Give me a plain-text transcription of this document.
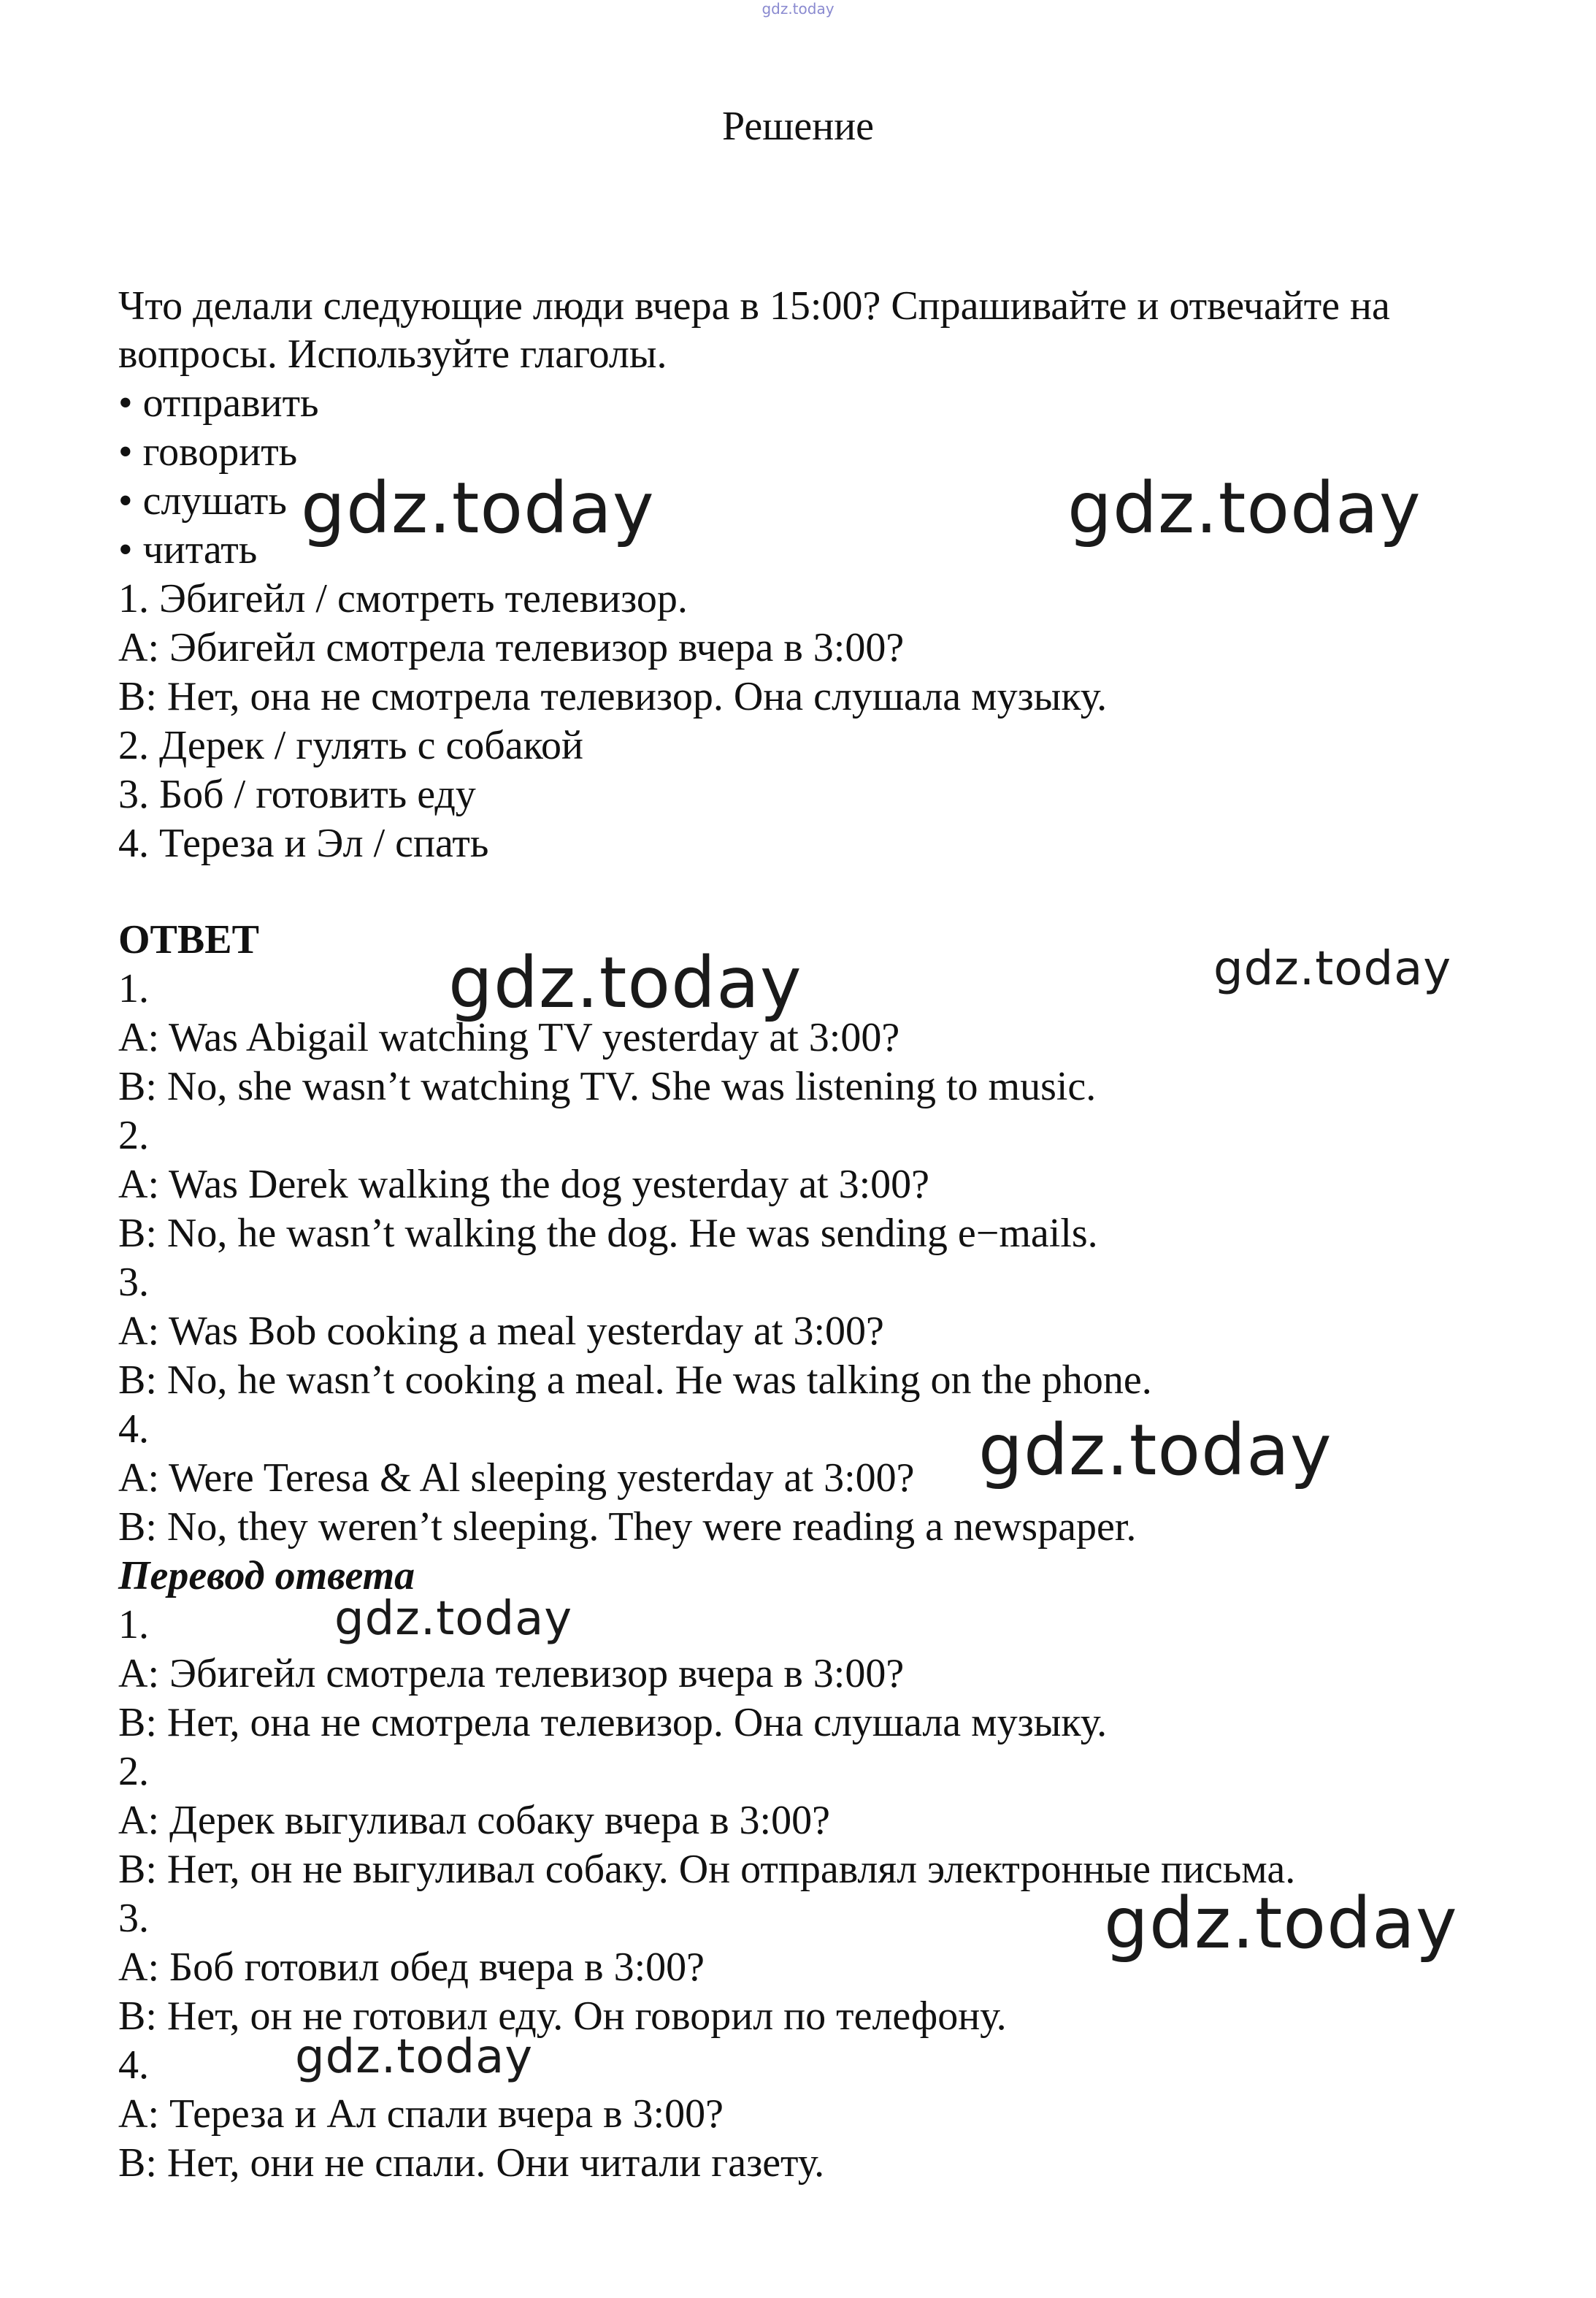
gdz.today
Решение
Что делали следующие люди вчера в 15:00? Спрашивайте и отвечайте на
вопросы. Используйте глаголы.
• отправить
• говорить
• слушать
• читать
1. Эбигейл / смотреть телевизор.
A: Эбигейл смотрела телевизор вчера в 3:00?
B: Нет, она не смотрела телевизор. Она слушала музыку.
2. Дерек / гулять с собакой
3. Боб / готовить еду
4. Тереза и Эл / спать
ОТВЕТ
1.
A: Was Abigail watching TV yesterday at 3:00?
B: No, she wasn’t watching TV. She was listening to music.
2.
A: Was Derek walking the dog yesterday at 3:00?
B: No, he wasn’t walking the dog. He was sending e−mails.
3.
A: Was Bob cooking a meal yesterday at 3:00?
B: No, he wasn’t cooking a meal. He was talking on the phone.
4.
A: Were Teresa & Al sleeping yesterday at 3:00?
B: No, they weren’t sleeping. They were reading a newspaper.
Перевод ответа
1.
A: Эбигейл смотрела телевизор вчера в 3:00?
B: Нет, она не смотрела телевизор. Она слушала музыку.
2.
A: Дерек выгуливал собаку вчера в 3:00?
B: Нет, он не выгуливал собаку. Он отправлял электронные письма.
3.
A: Боб готовил обед вчера в 3:00?
B: Нет, он не готовил еду. Он говорил по телефону.
4.
A: Тереза и Ал спали вчера в 3:00?
B: Нет, они не спали. Они читали газету.
gdz.today	gdz.today
gdz.today	gdz.today
gdz.today
gdz.today
gdz.today
gdz.today
